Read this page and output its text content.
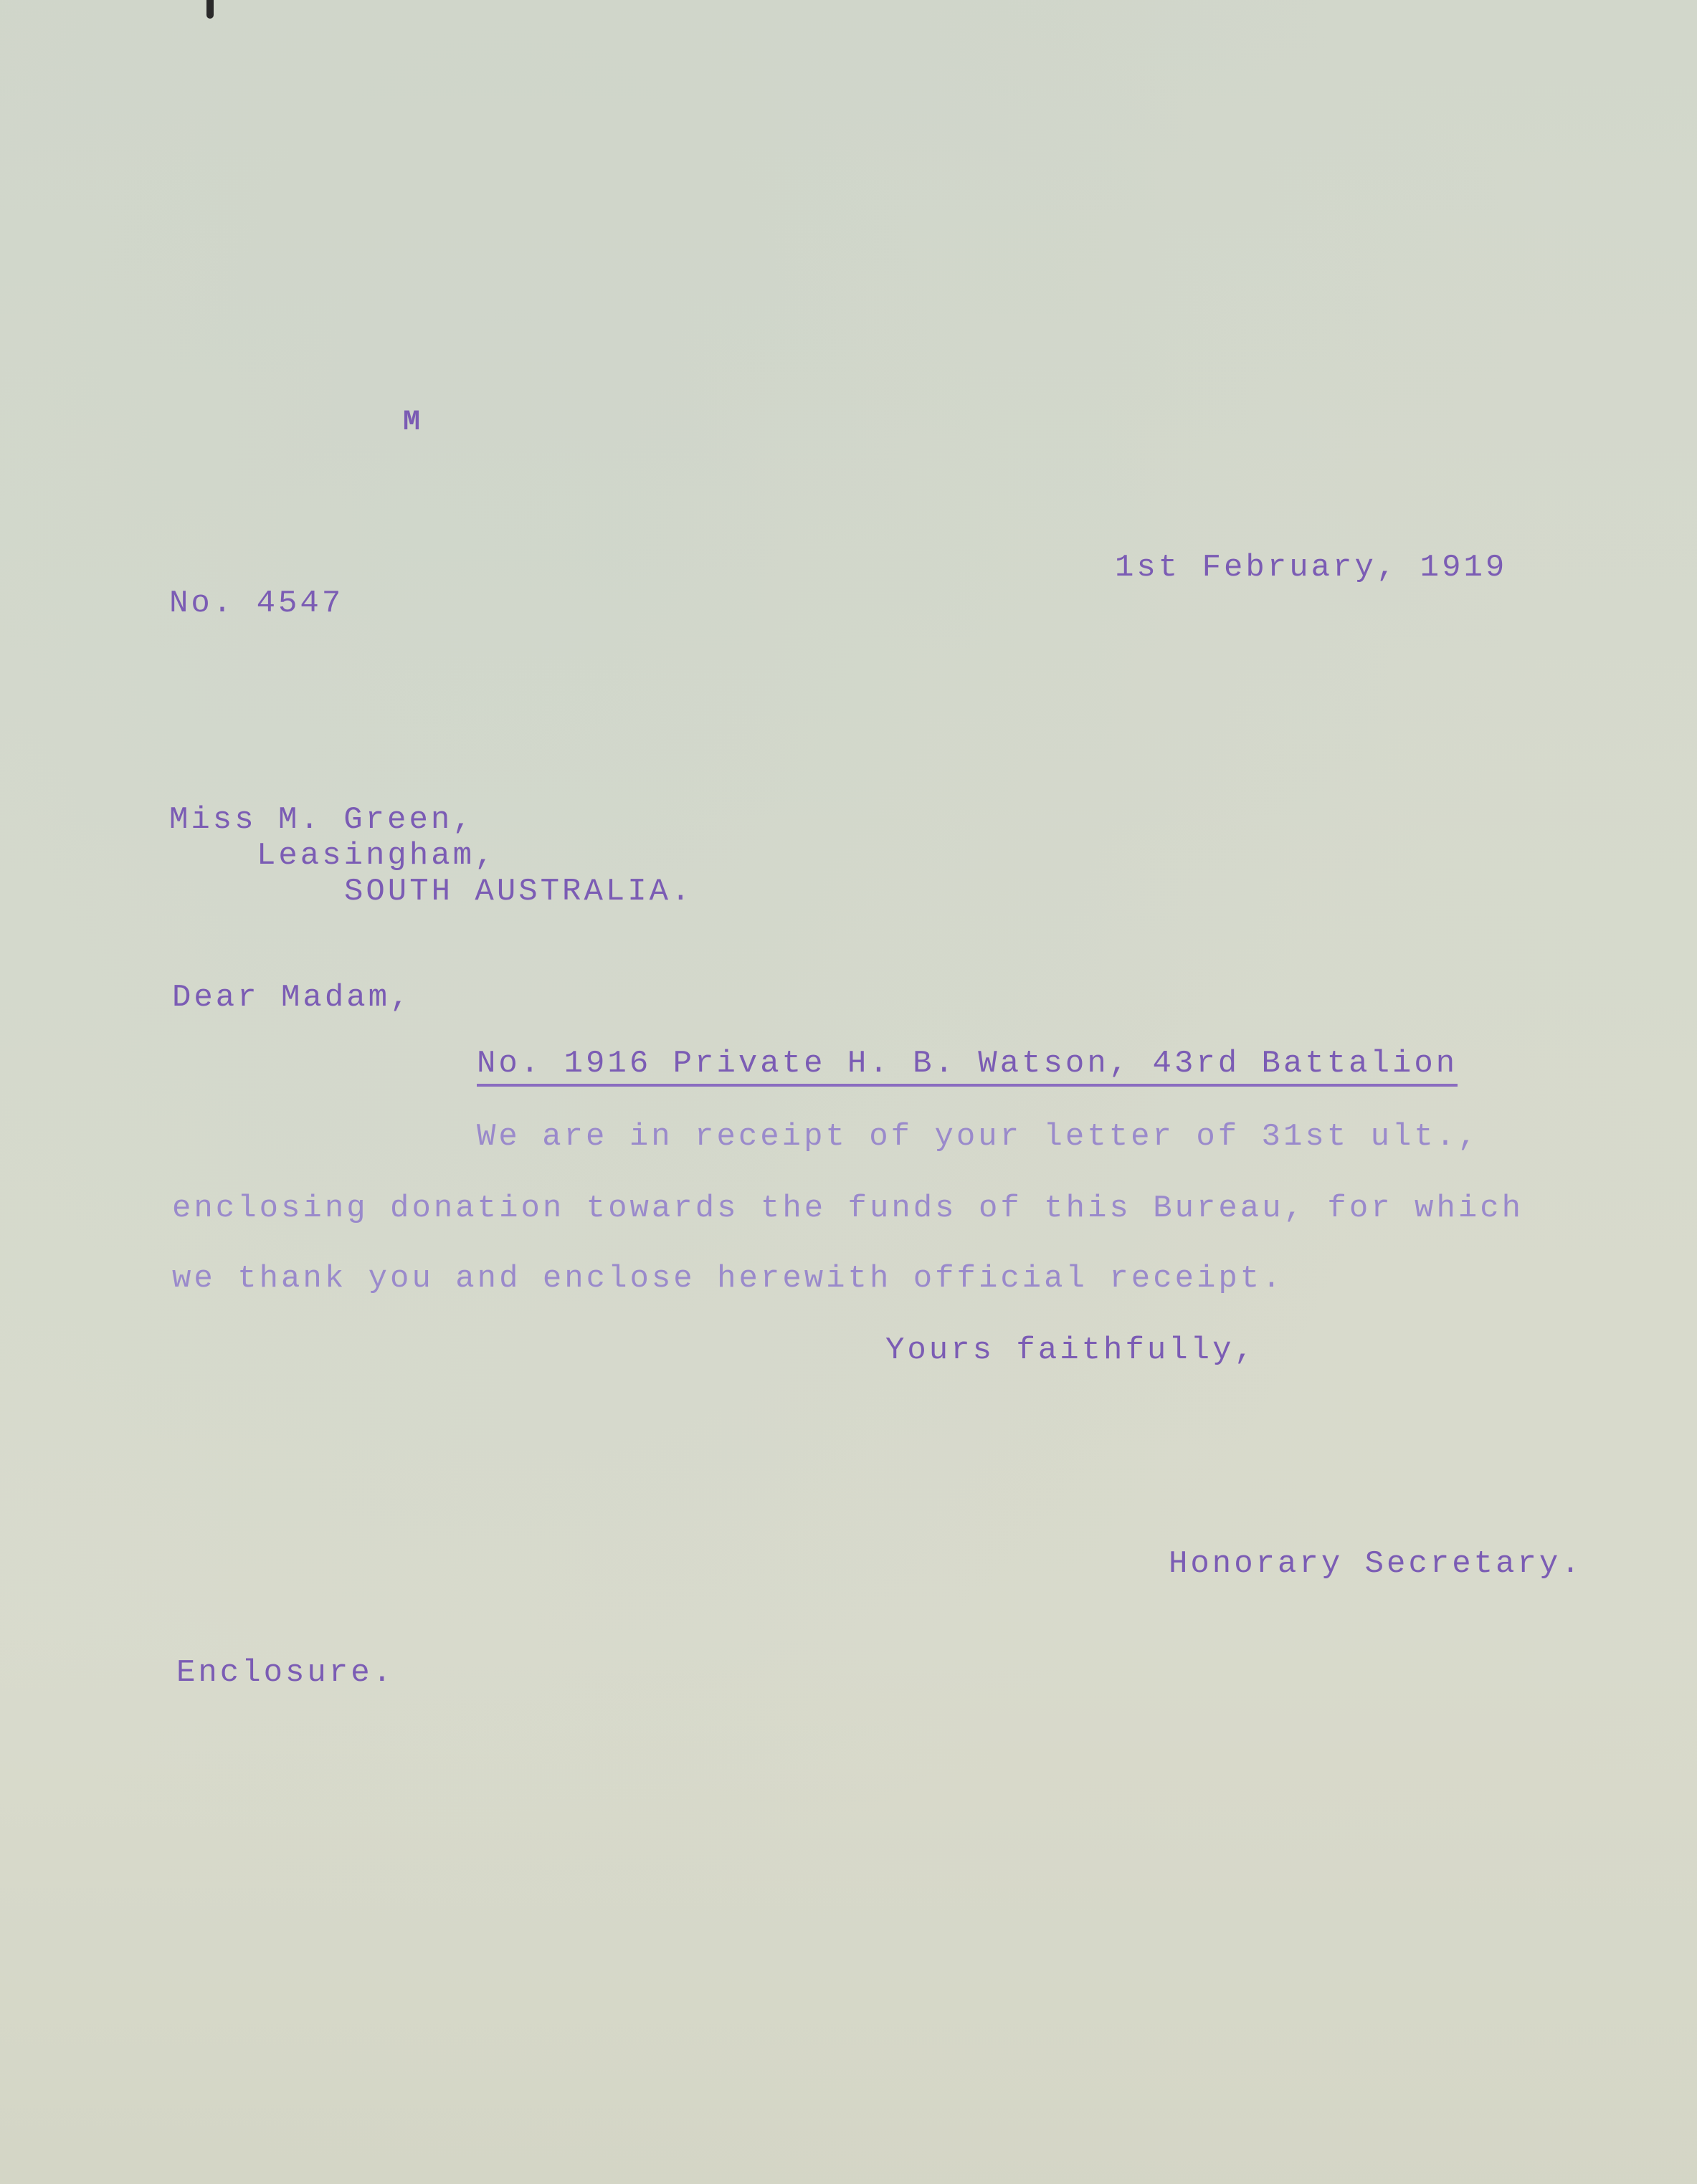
M
1st February, 1919
No. 4547
Miss M. Green,
Leasingham,
SOUTH AUSTRALIA.
Dear Madam,
No. 1916 Private H. B. Watson, 43rd Battalion
We are in receipt of your letter of 31st ult.,
enclosing donation towards the funds of this Bureau, for which
we thank you and enclose herewith official receipt.
Yours faithfully,
Honorary Secretary.
Enclosure.
